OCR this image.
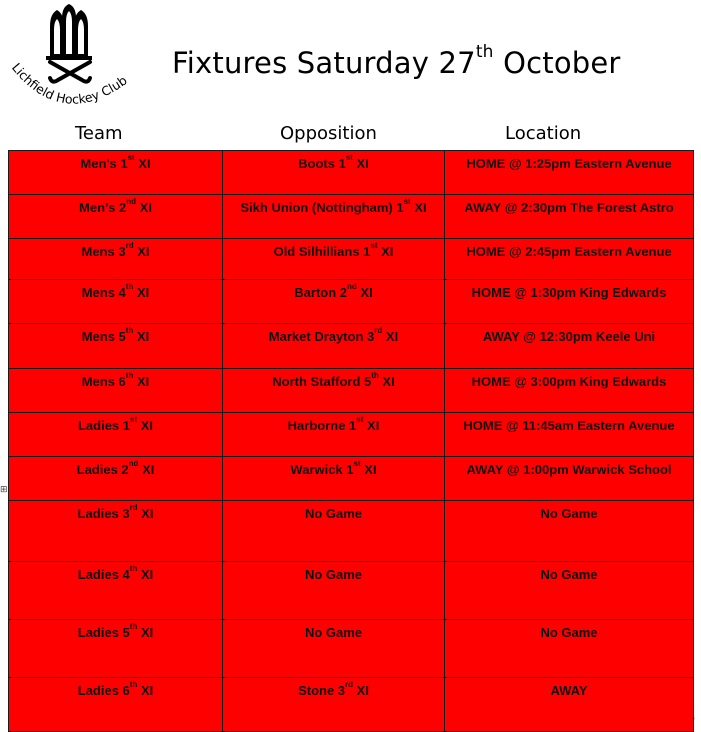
Lichfield Hockey Club
Fixtures Saturday 27th October
Team	Opposition	Location
⊞
Men's 1st XI	Boots 1st XI	HOME @ 1:25pm Eastern Avenue
Men’s 2nd XI	Sikh Union (Nottingham) 1st XI	AWAY @ 2:30pm The Forest Astro
Mens 3rd XI	Old Silhillians 1st XI	HOME @ 2:45pm Eastern Avenue
Mens 4th XI	Barton 2nd XI	HOME @ 1:30pm King Edwards
Mens 5th XI	Market Drayton 3rd XI	AWAY @ 12:30pm Keele Uni
Mens 6th XI	North Stafford 5th XI	HOME @ 3:00pm King Edwards
Ladies 1st XI	Harborne 1st XI	HOME @ 11:45am Eastern Avenue
Ladies 2nd XI	Warwick 1st XI	AWAY @ 1:00pm Warwick School
Ladies 3rd XI	No Game	No Game
Ladies 4th XI	No Game	No Game
Ladies 5th XI	No Game	No Game
Ladies 6th XI	Stone 3rd XI	AWAY
▫
